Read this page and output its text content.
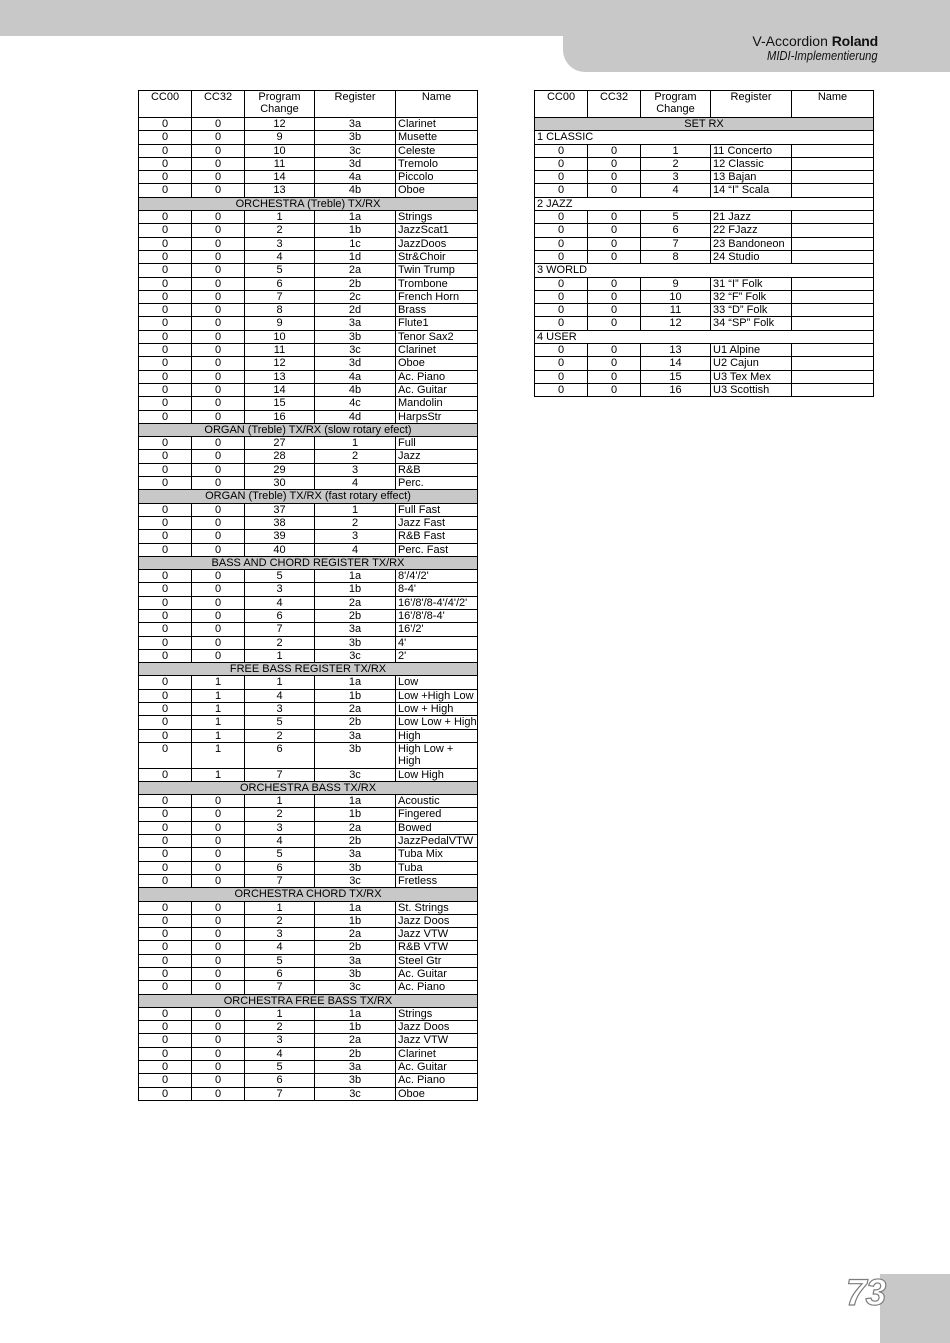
V-Accordion Roland
MIDI-Implementierung
CC00	CC32	Program
Change	Register	Name
0	0	12	3a	Clarinet
0	0	9	3b	Musette
0	0	10	3c	Celeste
0	0	11	3d	Tremolo
0	0	14	4a	Piccolo
0	0	13	4b	Oboe
ORCHESTRA (Treble) TX/RX				
0	0	1	1a	Strings
0	0	2	1b	JazzScat1
0	0	3	1c	JazzDoos
0	0	4	1d	Str&Choir
0	0	5	2a	Twin Trump
0	0	6	2b	Trombone
0	0	7	2c	French Horn
0	0	8	2d	Brass
0	0	9	3a	Flute1
0	0	10	3b	Tenor Sax2
0	0	11	3c	Clarinet
0	0	12	3d	Oboe
0	0	13	4a	Ac. Piano
0	0	14	4b	Ac. Guitar
0	0	15	4c	Mandolin
0	0	16	4d	HarpsStr
ORGAN (Treble) TX/RX (slow rotary efect)				
0	0	27	1	Full
0	0	28	2	Jazz
0	0	29	3	R&B
0	0	30	4	Perc.
ORGAN (Treble) TX/RX (fast rotary effect)				
0	0	37	1	Full Fast
0	0	38	2	Jazz Fast
0	0	39	3	R&B Fast
0	0	40	4	Perc. Fast
BASS AND CHORD REGISTER TX/RX				
0	0	5	1a	8'/4'/2'
0	0	3	1b	8-4'
0	0	4	2a	16'/8'/8-4'/4'/2'
0	0	6	2b	16'/8'/8-4'
0	0	7	3a	16'/2'
0	0	2	3b	4'
0	0	1	3c	2'
FREE BASS REGISTER TX/RX				
0	1	1	1a	Low
0	1	4	1b	Low +High Low
0	1	3	2a	Low + High
0	1	5	2b	Low Low + High
0	1	2	3a	High
0	1	6	3b	High Low +
High
0	1	7	3c	Low High
ORCHESTRA BASS TX/RX				
0	0	1	1a	Acoustic
0	0	2	1b	Fingered
0	0	3	2a	Bowed
0	0	4	2b	JazzPedalVTW
0	0	5	3a	Tuba Mix
0	0	6	3b	Tuba
0	0	7	3c	Fretless
ORCHESTRA CHORD TX/RX				
0	0	1	1a	St. Strings
0	0	2	1b	Jazz Doos
0	0	3	2a	Jazz VTW
0	0	4	2b	R&B VTW
0	0	5	3a	Steel Gtr
0	0	6	3b	Ac. Guitar
0	0	7	3c	Ac. Piano
ORCHESTRA FREE BASS TX/RX				
0	0	1	1a	Strings
0	0	2	1b	Jazz Doos
0	0	3	2a	Jazz VTW
0	0	4	2b	Clarinet
0	0	5	3a	Ac. Guitar
0	0	6	3b	Ac. Piano
0	0	7	3c	Oboe
CC00	CC32	Program
Change	Register	Name
SET RX				
1 CLASSIC				
0	0	1	11 Concerto	
0	0	2	12 Classic	
0	0	3	13 Bajan	
0	0	4	14 “I” Scala	
2 JAZZ				
0	0	5	21 Jazz	
0	0	6	22 FJazz	
0	0	7	23 Bandoneon	
0	0	8	24 Studio	
3 WORLD				
0	0	9	31 “I” Folk	
0	0	10	32 “F” Folk	
0	0	11	33 “D” Folk	
0	0	12	34 “SP” Folk	
4 USER				
0	0	13	U1 Alpine	
0	0	14	U2 Cajun	
0	0	15	U3 Tex Mex	
0	0	16	U3 Scottish	
73
